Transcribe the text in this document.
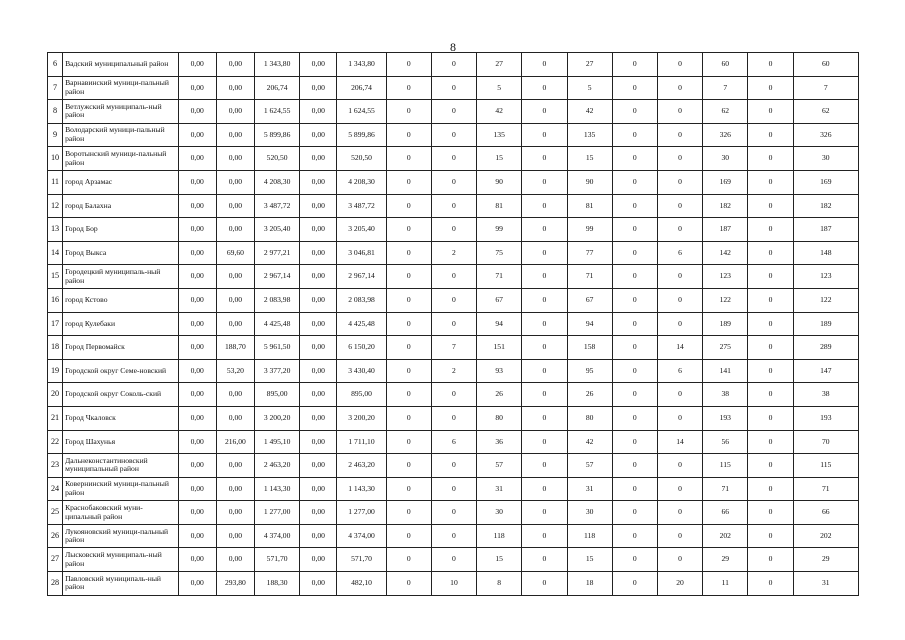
8
6	Вадский муниципальный район	0,00	0,00	1 343,80	0,00	1 343,80	0	0	27	0	27	0	0	60	0	60
7	Варнавинский муници-пальный район	0,00	0,00	206,74	0,00	206,74	0	0	5	0	5	0	0	7	0	7
8	Ветлужский муниципаль-ный район	0,00	0,00	1 624,55	0,00	1 624,55	0	0	42	0	42	0	0	62	0	62
9	Володарский муници-пальный район	0,00	0,00	5 899,86	0,00	5 899,86	0	0	135	0	135	0	0	326	0	326
10	Воротынский муници-пальный район	0,00	0,00	520,50	0,00	520,50	0	0	15	0	15	0	0	30	0	30
11	город Арзамас	0,00	0,00	4 208,30	0,00	4 208,30	0	0	90	0	90	0	0	169	0	169
12	город Балахна	0,00	0,00	3 487,72	0,00	3 487,72	0	0	81	0	81	0	0	182	0	182
13	Город Бор	0,00	0,00	3 205,40	0,00	3 205,40	0	0	99	0	99	0	0	187	0	187
14	Город Выкса	0,00	69,60	2 977,21	0,00	3 046,81	0	2	75	0	77	0	6	142	0	148
15	Городецкий муниципаль-ный район	0,00	0,00	2 967,14	0,00	2 967,14	0	0	71	0	71	0	0	123	0	123
16	город Кстово	0,00	0,00	2 083,98	0,00	2 083,98	0	0	67	0	67	0	0	122	0	122
17	город Кулебаки	0,00	0,00	4 425,48	0,00	4 425,48	0	0	94	0	94	0	0	189	0	189
18	Город Первомайск	0,00	188,70	5 961,50	0,00	6 150,20	0	7	151	0	158	0	14	275	0	289
19	Городской округ Семе-новский	0,00	53,20	3 377,20	0,00	3 430,40	0	2	93	0	95	0	6	141	0	147
20	Городской округ Соколь-ский	0,00	0,00	895,00	0,00	895,00	0	0	26	0	26	0	0	38	0	38
21	Город Чкаловск	0,00	0,00	3 200,20	0,00	3 200,20	0	0	80	0	80	0	0	193	0	193
22	Город Шахунья	0,00	216,00	1 495,10	0,00	1 711,10	0	6	36	0	42	0	14	56	0	70
23	Дальнеконстантиновский муниципальный район	0,00	0,00	2 463,20	0,00	2 463,20	0	0	57	0	57	0	0	115	0	115
24	Ковернинский муници-пальный район	0,00	0,00	1 143,30	0,00	1 143,30	0	0	31	0	31	0	0	71	0	71
25	Краснобаковский муни-ципальный район	0,00	0,00	1 277,00	0,00	1 277,00	0	0	30	0	30	0	0	66	0	66
26	Лукояновский муници-пальный район	0,00	0,00	4 374,00	0,00	4 374,00	0	0	118	0	118	0	0	202	0	202
27	Лысковский муниципаль-ный район	0,00	0,00	571,70	0,00	571,70	0	0	15	0	15	0	0	29	0	29
28	Павловский муниципаль-ный район	0,00	293,80	188,30	0,00	482,10	0	10	8	0	18	0	20	11	0	31
